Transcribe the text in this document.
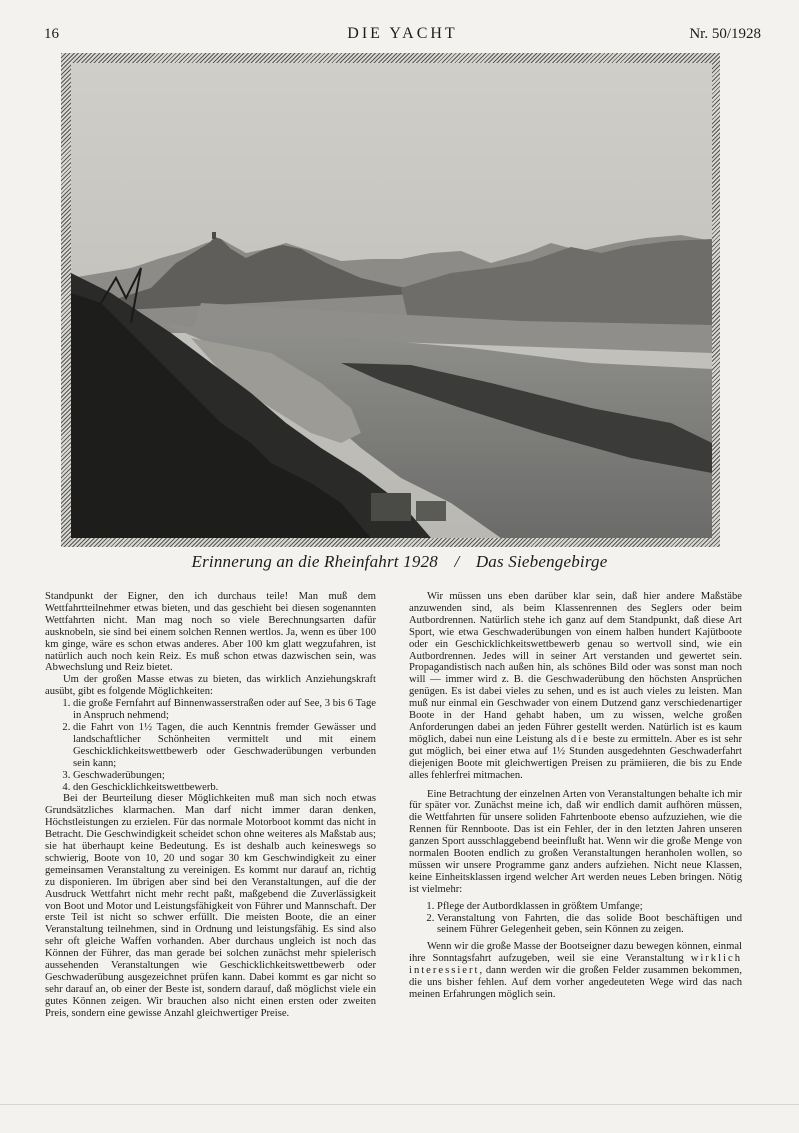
16	DIE YACHT	Nr. 50/1928
Erinnerung an die Rheinfahrt 1928 / Das Siebengebirge

Standpunkt der Eigner, den ich durchaus teile! Man muß dem Wettfahrtteilnehmer etwas bieten, und das geschieht bei diesen sogenannten Wettfahrten nicht. Man mag noch so viele Berechnungsarten dafür ausknobeln, sie sind bei einem solchen Rennen wertlos. Ja, wenn es über 100 km ginge, wäre es schon etwas anderes. Aber 100 km glatt wegzufahren, ist natürlich auch noch kein Reiz. Es muß schon etwas dazwischen sein, was Abwechslung und Reiz bietet.

Um der großen Masse etwas zu bieten, das wirklich Anziehungskraft ausübt, gibt es folgende Möglichkeiten:

1. die große Fernfahrt auf Binnenwasserstraßen oder auf See, 3 bis 6 Tage in Anspruch nehmend;
2. die Fahrt von 1½ Tagen, die auch Kenntnis fremder Gewässer und landschaftlicher Schönheiten vermittelt und mit einem Geschicklichkeitswettbewerb oder Geschwaderübungen verbunden sein kann;
3. Geschwaderübungen;
4. den Geschicklichkeitswettbewerb.

Bei der Beurteilung dieser Möglichkeiten muß man sich noch etwas Grundsätzliches klarmachen. Man darf nicht immer daran denken, Höchstleistungen zu erzielen. Für das normale Motorboot kommt das nicht in Betracht. Die Geschwindigkeit scheidet schon ohne weiteres als Maßstab aus; sie hat überhaupt keine Bedeutung. Es ist deshalb auch keineswegs so schwierig, Boote von 10, 20 und sogar 30 km Geschwindigkeit zu einer gemeinsamen Veranstaltung zu vereinigen. Es kommt nur darauf an, richtig zu disponieren. Im übrigen aber sind bei den Veranstaltungen, auf die der Ausdruck Wettfahrt nicht mehr recht paßt, maßgebend die Zuverlässigkeit von Boot und Motor und Leistungsfähigkeit von Führer und Mannschaft. Der erste Teil ist nicht so schwer erfüllt. Die meisten Boote, die an einer Veranstaltung teilnehmen, sind in Ordnung und leistungsfähig. Es sind also sehr oft gleiche Waffen vorhanden. Aber durchaus ungleich ist noch das Können der Führer, das man gerade bei solchen zunächst mehr spielerisch aussehenden Veranstaltungen wie Geschicklichkeitswettbewerb oder Geschwaderübung ausgezeichnet prüfen kann. Dabei kommt es gar nicht so sehr darauf an, ob einer der Beste ist, sondern darauf, daß möglichst viele ein gutes Können zeigen. Wir brauchen also nicht einen ersten oder zweiten Preis, sondern eine gewisse Anzahl gleichwertiger Preise.

Wir müssen uns eben darüber klar sein, daß hier andere Maßstäbe anzuwenden sind, als beim Klassenrennen des Seglers oder beim Autbordrennen. Natürlich stehe ich ganz auf dem Standpunkt, daß diese Art Sport, wie etwa Geschwaderübungen von einem halben hundert Kajütboote oder ein Geschicklichkeitswettbewerb genau so wertvoll sind, wie ein Autbordrennen. Jedes will in seiner Art verstanden und gewertet sein. Propagandistisch nach außen hin, als schönes Bild oder was sonst man noch will — immer wird z. B. die Geschwaderübung den höchsten Ansprüchen genügen. Es ist dabei vieles zu sehen, und es ist auch vieles zu leisten. Man muß nur einmal ein Geschwader von einem Dutzend ganz verschiedenartiger Boote in der Hand gehabt haben, um zu wissen, welche großen Anforderungen dabei an jeden Führer gestellt werden. Natürlich ist es kaum möglich, dabei nun eine Leistung als die beste zu ermitteln. Aber es ist sehr gut möglich, bei einer etwa auf 1½ Stunden ausgedehnten Geschwaderfahrt diejenigen Boote mit gleichwertigen Preisen zu prämiieren, die bis zu Ende alles fehlerfrei mitmachen.

Eine Betrachtung der einzelnen Arten von Veranstaltungen behalte ich mir für später vor. Zunächst meine ich, daß wir endlich damit aufhören müssen, die Wettfahrten für unsere soliden Fahrtenboote ebenso aufzuziehen, wie die Rennen für Rennboote. Das ist ein Fehler, der in den letzten Jahren unseren ganzen Sport ausschlaggebend beeinflußt hat. Wenn wir die große Menge von normalen Booten endlich zu großen Veranstaltungen heranholen wollen, so müssen wir unsere Programme ganz anders aufziehen. Nicht neue Klassen, keine Einheitsklassen irgend welcher Art werden neues Leben bringen. Nötig ist vielmehr:

1. Pflege der Autbordklassen in größtem Umfange;
2. Veranstaltung von Fahrten, die das solide Boot beschäftigen und seinem Führer Gelegenheit geben, sein Können zu zeigen.

Wenn wir die große Masse der Bootseigner dazu bewegen können, einmal ihre Sonntagsfahrt aufzugeben, weil sie eine Veranstaltung wirklich interessiert, dann werden wir die großen Felder zusammen bekommen, die uns bisher fehlen. Auf dem vorher angedeuteten Wege wird das nach meinen Erfahrungen möglich sein.
